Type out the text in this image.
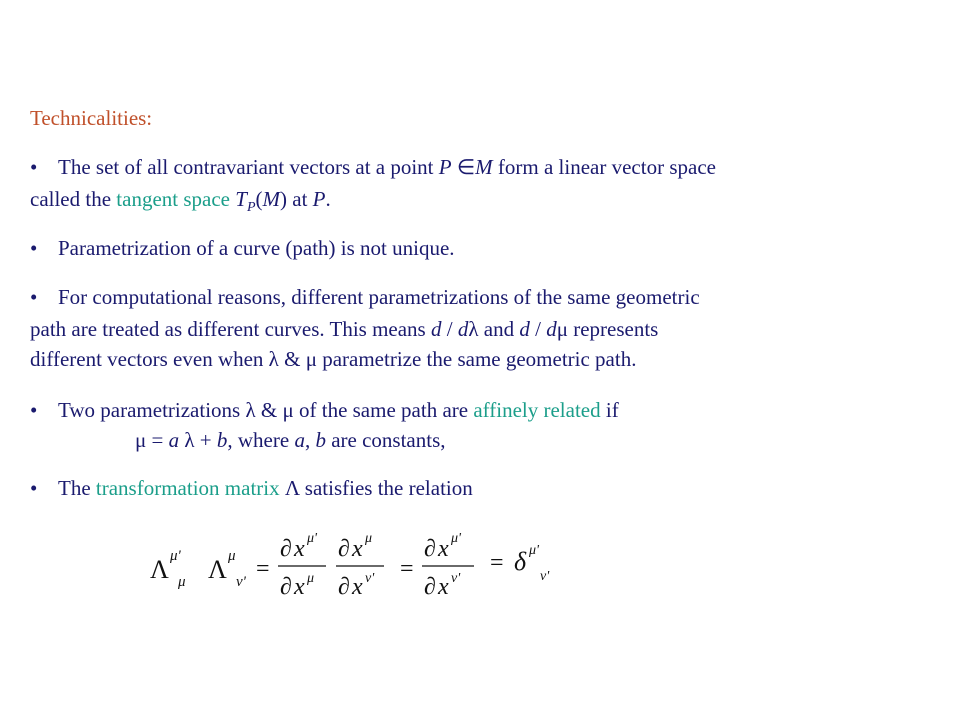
Technicalities:
• The set of all contravariant vectors at a point P ∈M form a linear vector space
called the tangent space $T_P(M)$ at P.
• Parametrization of a curve (path) is not unique.
• For computational reasons, different parametrizations of the same geometric
path are treated as different curves. This means d / dλ and d / dμ represents
different vectors even when λ & μ parametrize the same geometric path.
• Two parametrizations λ & μ of the same path are affinely related if
μ = a λ + b, where a, b are constants,
• The transformation matrix Λ satisfies the relation
Λ μ'
μ Λ μ
ν' =
∂ x μ'
∂ x μ
∂ x μ
∂ x ν' =
∂ x μ'
∂ x ν'
= δ μ'
ν'
